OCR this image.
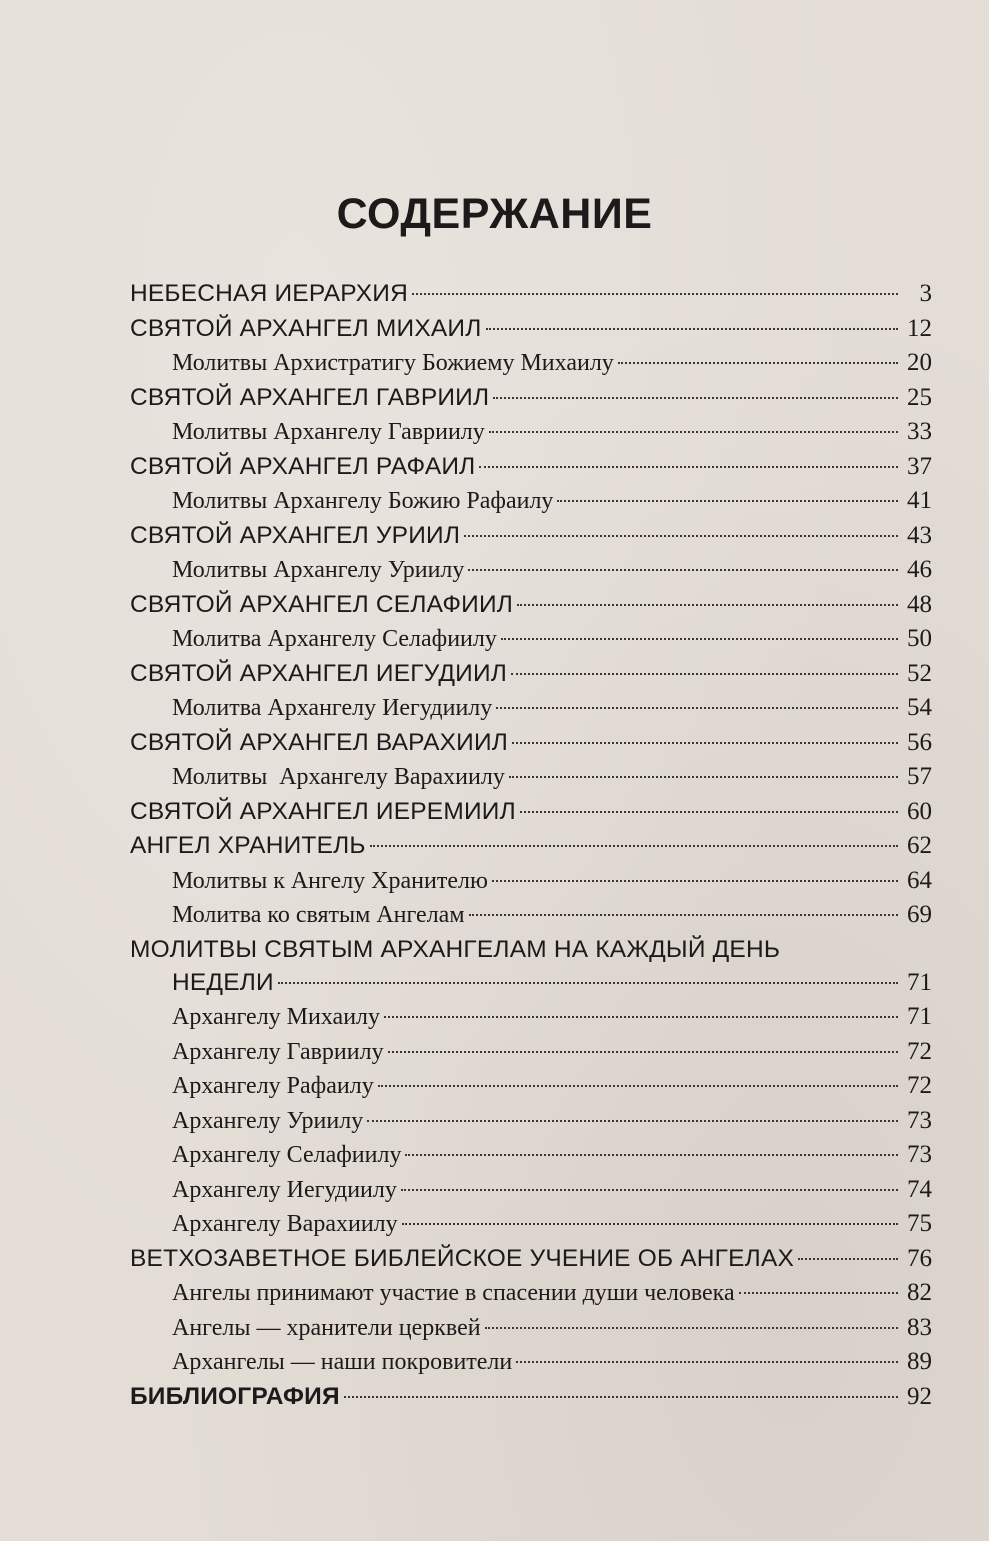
СОДЕРЖАНИЕ
НЕБЕСНАЯ ИЕРАРХИЯ	3
СВЯТОЙ АРХАНГЕЛ МИХАИЛ	12
Молитвы Архистратигу Божиему Михаилу	20
СВЯТОЙ АРХАНГЕЛ ГАВРИИЛ	25
Молитвы Архангелу Гавриилу	33
СВЯТОЙ АРХАНГЕЛ РАФАИЛ	37
Молитвы Архангелу Божию Рафаилу	41
СВЯТОЙ АРХАНГЕЛ УРИИЛ	43
Молитвы Архангелу Уриилу	46
СВЯТОЙ АРХАНГЕЛ СЕЛАФИИЛ	48
Молитва Архангелу Селафиилу	50
СВЯТОЙ АРХАНГЕЛ ИЕГУДИИЛ	52
Молитва Архангелу Иегудиилу	54
СВЯТОЙ АРХАНГЕЛ ВАРАХИИЛ	56
Молитвы  Архангелу Варахиилу	57
СВЯТОЙ АРХАНГЕЛ ИЕРЕМИИЛ	60
АНГЕЛ ХРАНИТЕЛЬ	62
Молитвы к Ангелу Хранителю	64
Молитва ко святым Ангелам	69
МОЛИТВЫ СВЯТЫМ АРХАНГЕЛАМ НА КАЖДЫЙ ДЕНЬ
НЕДЕЛИ	71
Архангелу Михаилу	71
Архангелу Гавриилу	72
Архангелу Рафаилу	72
Архангелу Уриилу	73
Архангелу Селафиилу	73
Архангелу Иегудиилу	74
Архангелу Варахиилу	75
ВЕТХОЗАВЕТНОЕ БИБЛЕЙСКОЕ УЧЕНИЕ ОБ АНГЕЛАХ	76
Ангелы принимают участие в спасении души человека	82
Ангелы — хранители церквей	83
Архангелы — наши покровители	89
БИБЛИОГРАФИЯ	92
